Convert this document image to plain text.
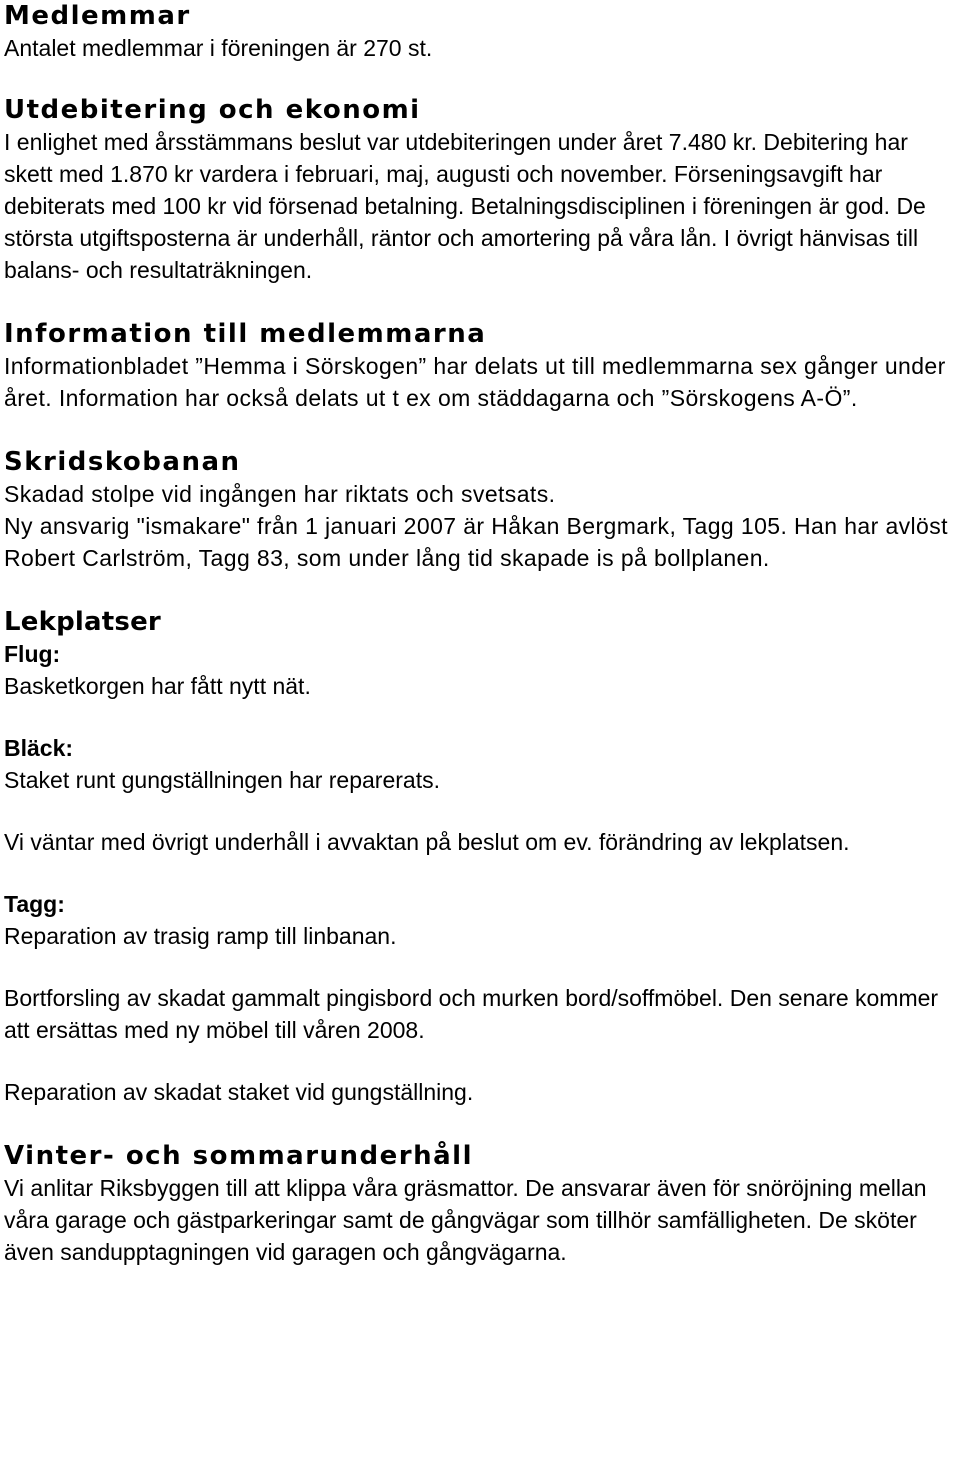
Medlemmar

Antalet medlemmar i föreningen är 270 st.

Utdebitering och ekonomi

I enlighet med årsstämmans beslut var utdebiteringen under året 7.480 kr. Debitering har skett med 1.870 kr vardera i februari, maj, augusti och november. Förseningsavgift har debiterats med 100 kr vid försenad betalning. Betalningsdisciplinen i föreningen är god. De största utgiftsposterna är underhåll, räntor och amortering på våra lån. I övrigt hänvisas till balans- och resultaträkningen.

Information till medlemmarna

Informationbladet ”Hemma i Sörskogen” har delats ut till medlemmarna sex gånger under året. Information har också delats ut t ex om städdagarna och ”Sörskogens A-Ö”.

Skridskobanan

Skadad stolpe vid ingången har riktats och svetsats.

Ny ansvarig "ismakare" från 1 januari 2007 är Håkan Bergmark, Tagg 105. Han har avlöst Robert Carlström, Tagg 83, som under lång tid skapade is på bollplanen.

Lekplatser

Flug:

Basketkorgen har fått nytt nät.

Bläck:

Staket runt gungställningen har reparerats.

Vi väntar med övrigt underhåll i avvaktan på beslut om ev. förändring av lekplatsen.

Tagg:

Reparation av trasig ramp till linbanan.

Bortforsling av skadat gammalt pingisbord och murken bord/soffmöbel. Den senare kommer att ersättas med ny möbel till våren 2008.

Reparation av skadat staket vid gungställning.

Vinter- och sommarunderhåll

Vi anlitar Riksbyggen till att klippa våra gräsmattor. De ansvarar även för snöröjning mellan våra garage och gästparkeringar samt de gångvägar som tillhör samfälligheten. De sköter även sandupptagningen vid garagen och gångvägarna.
